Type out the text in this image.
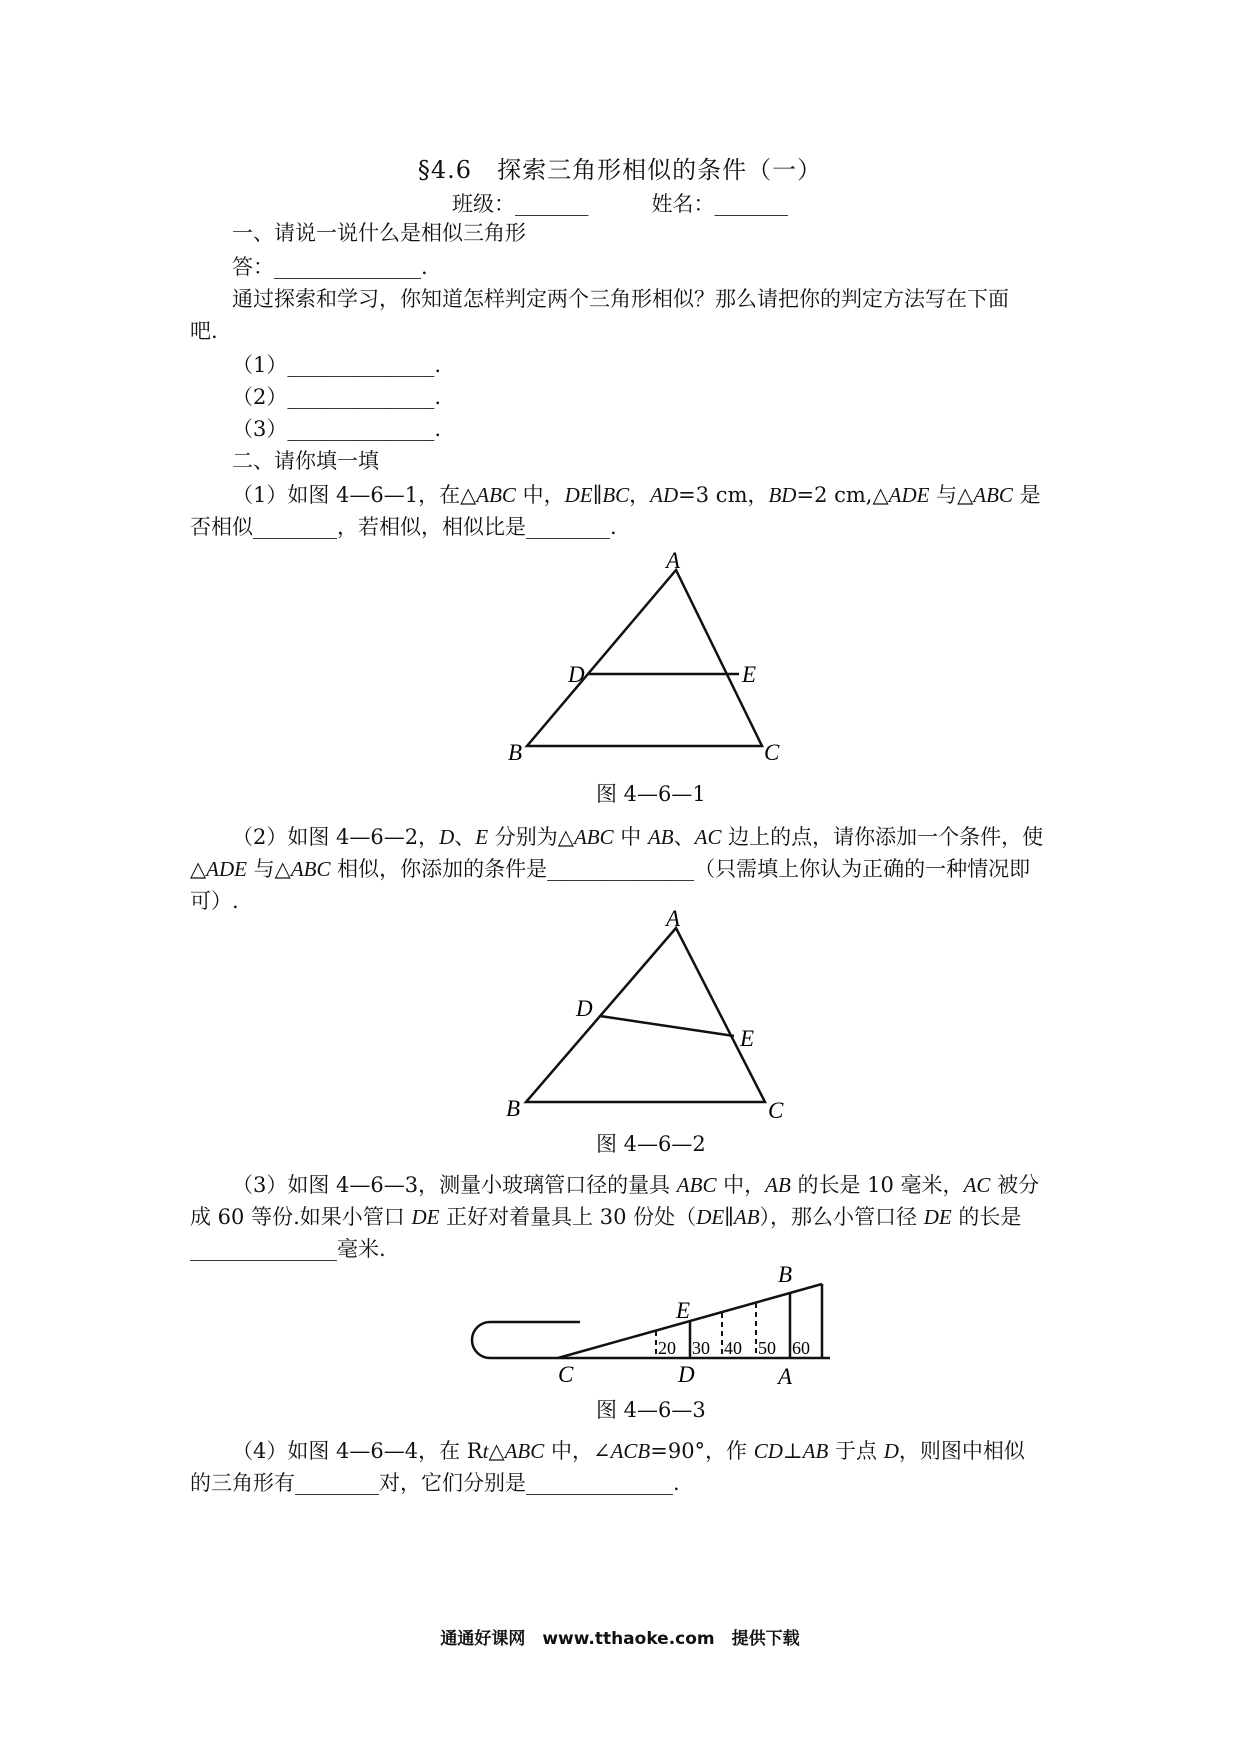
§4.6　探索三角形相似的条件（一）
班级：_______　　　姓名：_______
一、请说一说什么是相似三角形
答：______________.
通过探索和学习，你知道怎样判定两个三角形相似？那么请把你的判定方法写在下面
吧.
（1）______________.
（2）______________.
（3）______________.
二、请你填一填
（1）如图 4—6—1，在△ABC 中，DE∥BC，AD=3 cm，BD=2 cm,△ADE 与△ABC 是
否相似________，若相似，相似比是________.
A
D	E
B	C
图 4—6—1
（2）如图 4—6—2，D、E 分别为△ABC 中 AB、AC 边上的点，请你添加一个条件，使
△ADE 与△ABC 相似，你添加的条件是______________（只需填上你认为正确的一种情况即
可）.
A
D
E
B	C
图 4—6—2
（3）如图 4—6—3，测量小玻璃管口径的量具 ABC 中，AB 的长是 10 毫米，AC 被分
成 60 等份.如果小管口 DE 正好对着量具上 30 份处（DE∥AB），那么小管口径 DE 的长是
______________毫米.
20 30 40 50 60
B
E
C	D	A
图 4—6—3
（4）如图 4—6—4，在 Rt△ABC 中，∠ACB=90°，作 CD⊥AB 于点 D，则图中相似
的三角形有________对，它们分别是______________.
通通好课网　www.tthaoke.com　提供下载
